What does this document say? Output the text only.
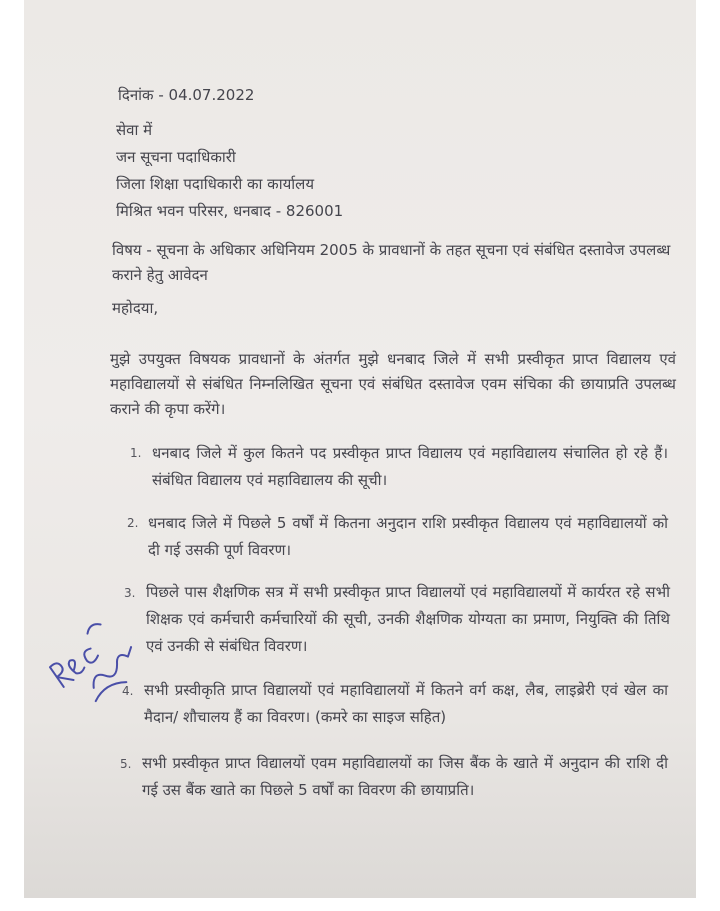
दिनांक - 04.07.2022
सेवा में
जन सूचना पदाधिकारी
जिला शिक्षा पदाधिकारी का कार्यालय
मिश्रित भवन परिसर, धनबाद - 826001
विषय - सूचना के अधिकार अधिनियम 2005 के प्रावधानों के तहत सूचना एवं संबंधित दस्तावेज उपलब्ध कराने हेतु आवेदन
महोदया,
मुझे उपयुक्त विषयक प्रावधानों के अंतर्गत मुझे धनबाद जिले में सभी प्रस्वीकृत प्राप्त विद्यालय एवं महाविद्यालयों से संबंधित निम्नलिखित सूचना एवं संबंधित दस्तावेज एवम संचिका की छायाप्रति उपलब्ध कराने की कृपा करेंगे।
1. धनबाद जिले में कुल कितने पद प्रस्वीकृत प्राप्त विद्यालय एवं महाविद्यालय संचालित हो रहे हैं। संबंधित विद्यालय एवं महाविद्यालय की सूची।
2. धनबाद जिले में पिछले 5 वर्षों में कितना अनुदान राशि प्रस्वीकृत विद्यालय एवं महाविद्यालयों को दी गई उसकी पूर्ण विवरण।
3. पिछले पास शैक्षणिक सत्र में सभी प्रस्वीकृत प्राप्त विद्यालयों एवं महाविद्यालयों में कार्यरत रहे सभी शिक्षक एवं कर्मचारी कर्मचारियों की सूची, उनकी शैक्षणिक योग्यता का प्रमाण, नियुक्ति की तिथि एवं उनकी से संबंधित विवरण।
4. सभी प्रस्वीकृति प्राप्त विद्यालयों एवं महाविद्यालयों में कितने वर्ग कक्ष, लैब, लाइब्रेरी एवं खेल का मैदान/ शौचालय हैं का विवरण। (कमरे का साइज सहित)
5. सभी प्रस्वीकृत प्राप्त विद्यालयों एवम महाविद्यालयों का जिस बैंक के खाते में अनुदान की राशि दी गई उस बैंक खाते का पिछले 5 वर्षों का विवरण की छायाप्रति।
